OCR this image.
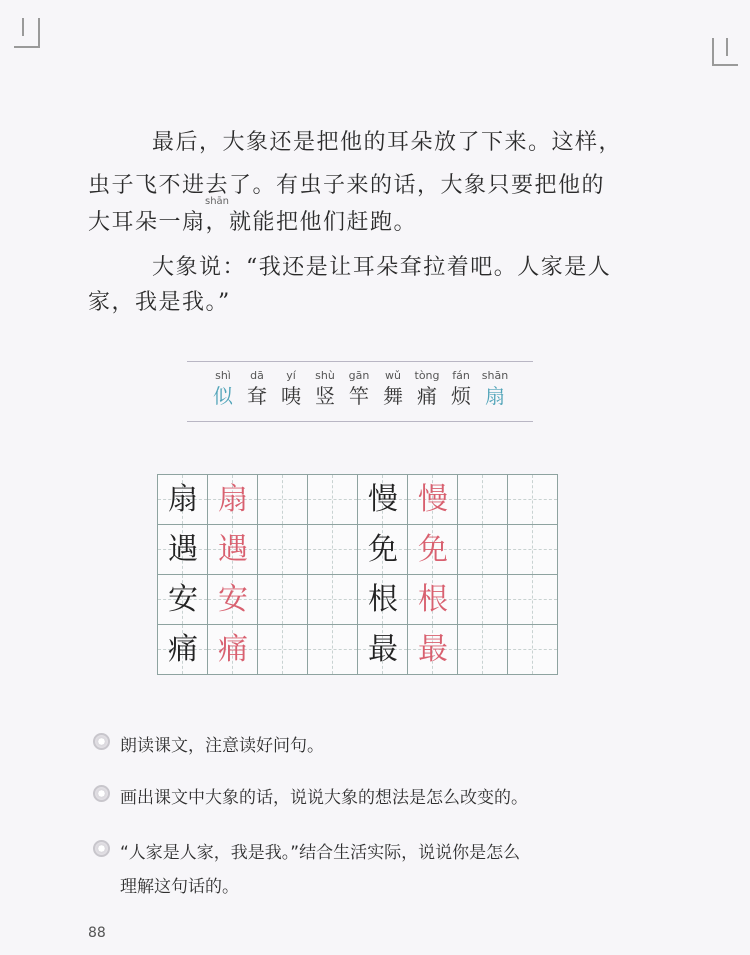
最后，大象还是把他的耳朵放了下来。这样，
虫子飞不进去了。有虫子来的话，大象只要把他的
shān
大耳朵一扇，就能把他们赶跑。
大象说：“我还是让耳朵耷拉着吧。人家是人
家，我是我。”
shì
似
dā
耷
yí
咦
shù
竖
gān
竿
wǔ
舞
tòng
痛
fán
烦
shān
扇
扇 扇
遇 遇
安 安
痛 痛
慢 慢
免 免
根 根
最 最
朗读课文，注意读好问句。
画出课文中大象的话，说说大象的想法是怎么改变的。
“人家是人家，我是我。”结合生活实际，说说你是怎么
理解这句话的。
88
